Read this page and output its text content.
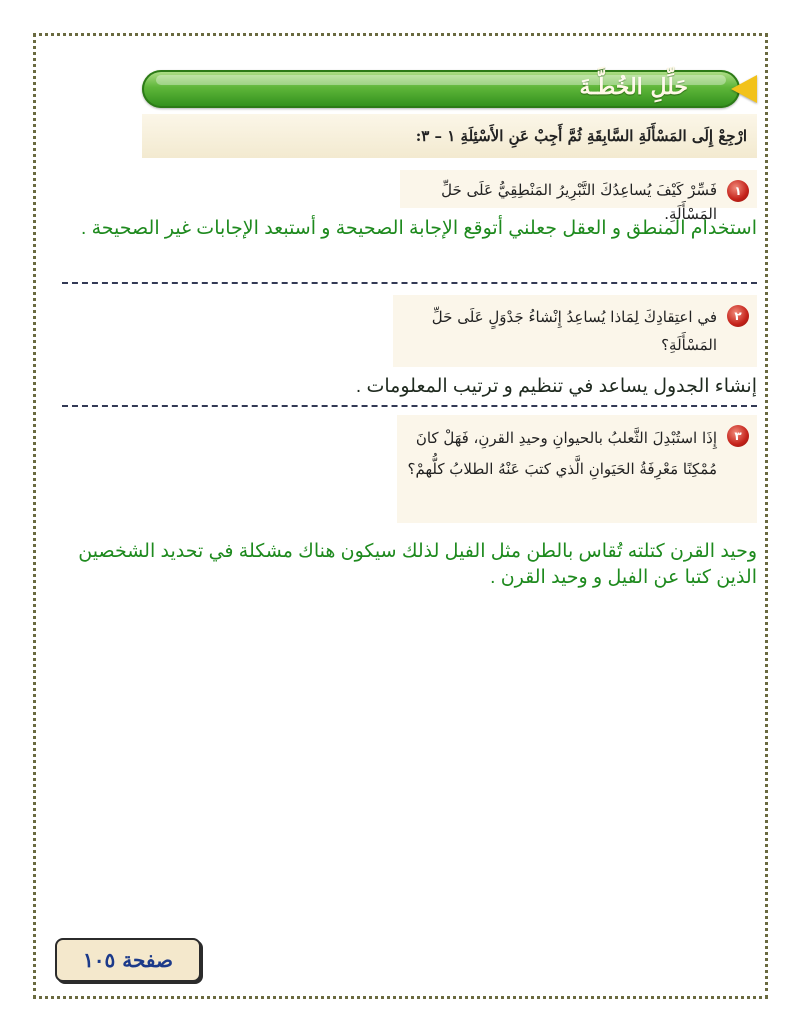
حَلِّلِ الخُطَّـةَ
ارْجِعْ إِلَى المَسْأَلَةِ السَّابِقَةِ ثُمَّ أَجِبْ عَنِ الأَسْئِلَةِ ١ – ٣:
١
فَسِّرْ كَيْفَ يُساعِدُكَ التَّبْرِيرُ المَنْطِقِيُّ عَلَى حَلِّ المَسْأَلَةِ.
استخدام المنطق و العقل جعلني أتوقع الإجابة الصحيحة و أستبعد الإجابات غير الصحيحة .
٢
في اعتِقادِكَ لِمَاذا يُساعِدُ إِنْشاءُ جَدْوَلٍ عَلَى حَلِّ المَسْأَلَةِ؟
إنشاء الجدول يساعد في تنظيم و ترتيب المعلومات .
٣
إِذَا استُبْدِلَ الثَّعلبُ بالحيوانِ وحيدِ القرنِ، فَهَلْ كانَ مُمْكِنًا مَعْرِفَةُ الحَيَوانِ الَّذي كتبَ عَنْهُ الطلابُ كلُّهمْ؟
وحيد القرن كتلته تُقاس بالطن مثل الفيل لذلك سيكون هناك مشكلة في تحديد الشخصين الذين كتبا عن الفيل و وحيد القرن .
صفحة ١٠٥
